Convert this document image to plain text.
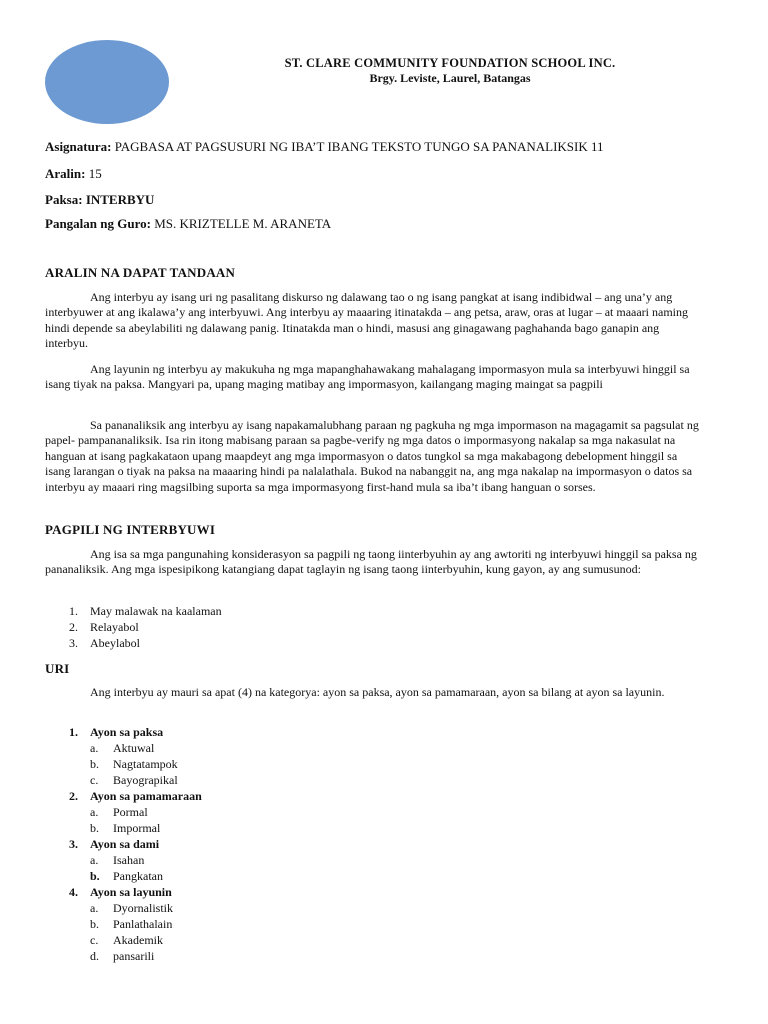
ST. CLARE COMMUNITY FOUNDATION SCHOOL INC.
Brgy. Leviste, Laurel, Batangas
Asignatura: PAGBASA AT PAGSUSURI NG IBA’T IBANG TEKSTO TUNGO SA PANANALIKSIK 11
Aralin: 15
Paksa: INTERBYU
Pangalan ng Guro: MS. KRIZTELLE M. ARANETA
ARALIN NA DAPAT TANDAAN

Ang interbyu ay isang uri ng pasalitang diskurso ng dalawang tao o ng isang pangkat at isang indibidwal – ang una’y ang interbyuwer at ang ikalawa’y ang interbyuwi. Ang interbyu ay maaaring itinatakda – ang petsa, araw, oras at lugar – at maaari naming hindi depende sa abeylabiliti ng dalawang panig. Itinatakda man o hindi, masusi ang ginagawang paghahanda bago ganapin ang interbyu.

Ang layunin ng interbyu ay makukuha ng mga mapanghahawakang mahalagang impormasyon mula sa interbyuwi hinggil sa isang tiyak na paksa. Mangyari pa, upang maging matibay ang impormasyon, kailangang maging maingat sa pagpili

Sa pananaliksik ang interbyu ay isang napakamalubhang paraan ng pagkuha ng mga impormason na magagamit sa pagsulat ng papel- pampananaliksik. Isa rin itong mabisang paraan sa pagbe-verify ng mga datos o impormasyong nakalap sa mga nakasulat na hanguan at isang pagkakataon upang maapdeyt ang mga impormasyon o datos tungkol sa mga makabagong debelopment hinggil sa isang larangan o tiyak na paksa na maaaring hindi pa nalalathala. Bukod na nabanggit na, ang mga nakalap na impormasyon o datos sa interbyu ay maaari ring magsilbing suporta sa mga impormasyong first-hand mula sa iba’t ibang hanguan o sorses.

PAGPILI NG INTERBYUWI

Ang isa sa mga pangunahing konsiderasyon sa pagpili ng taong iinterbyuhin ay ang awtoriti ng interbyuwi hinggil sa paksa ng pananaliksik. Ang mga ispesipikong katangiang dapat taglayin ng isang taong iinterbyuhin, kung gayon, ay ang sumusunod:

1. May malawak na kaalaman
2. Relayabol
3. Abeylabol
URI

Ang interbyu ay mauri sa apat (4) na kategorya: ayon sa paksa, ayon sa pamamaraan, ayon sa bilang at ayon sa layunin.

1. Ayon sa paksa
a. Aktuwal
b. Nagtatampok
c. Bayograpikal
2. Ayon sa pamamaraan
a. Pormal
b. Impormal
3. Ayon sa dami
a. Isahan
b. Pangkatan
4. Ayon sa layunin
a. Dyornalistik
b. Panlathalain
c. Akademik
d. pansarili
